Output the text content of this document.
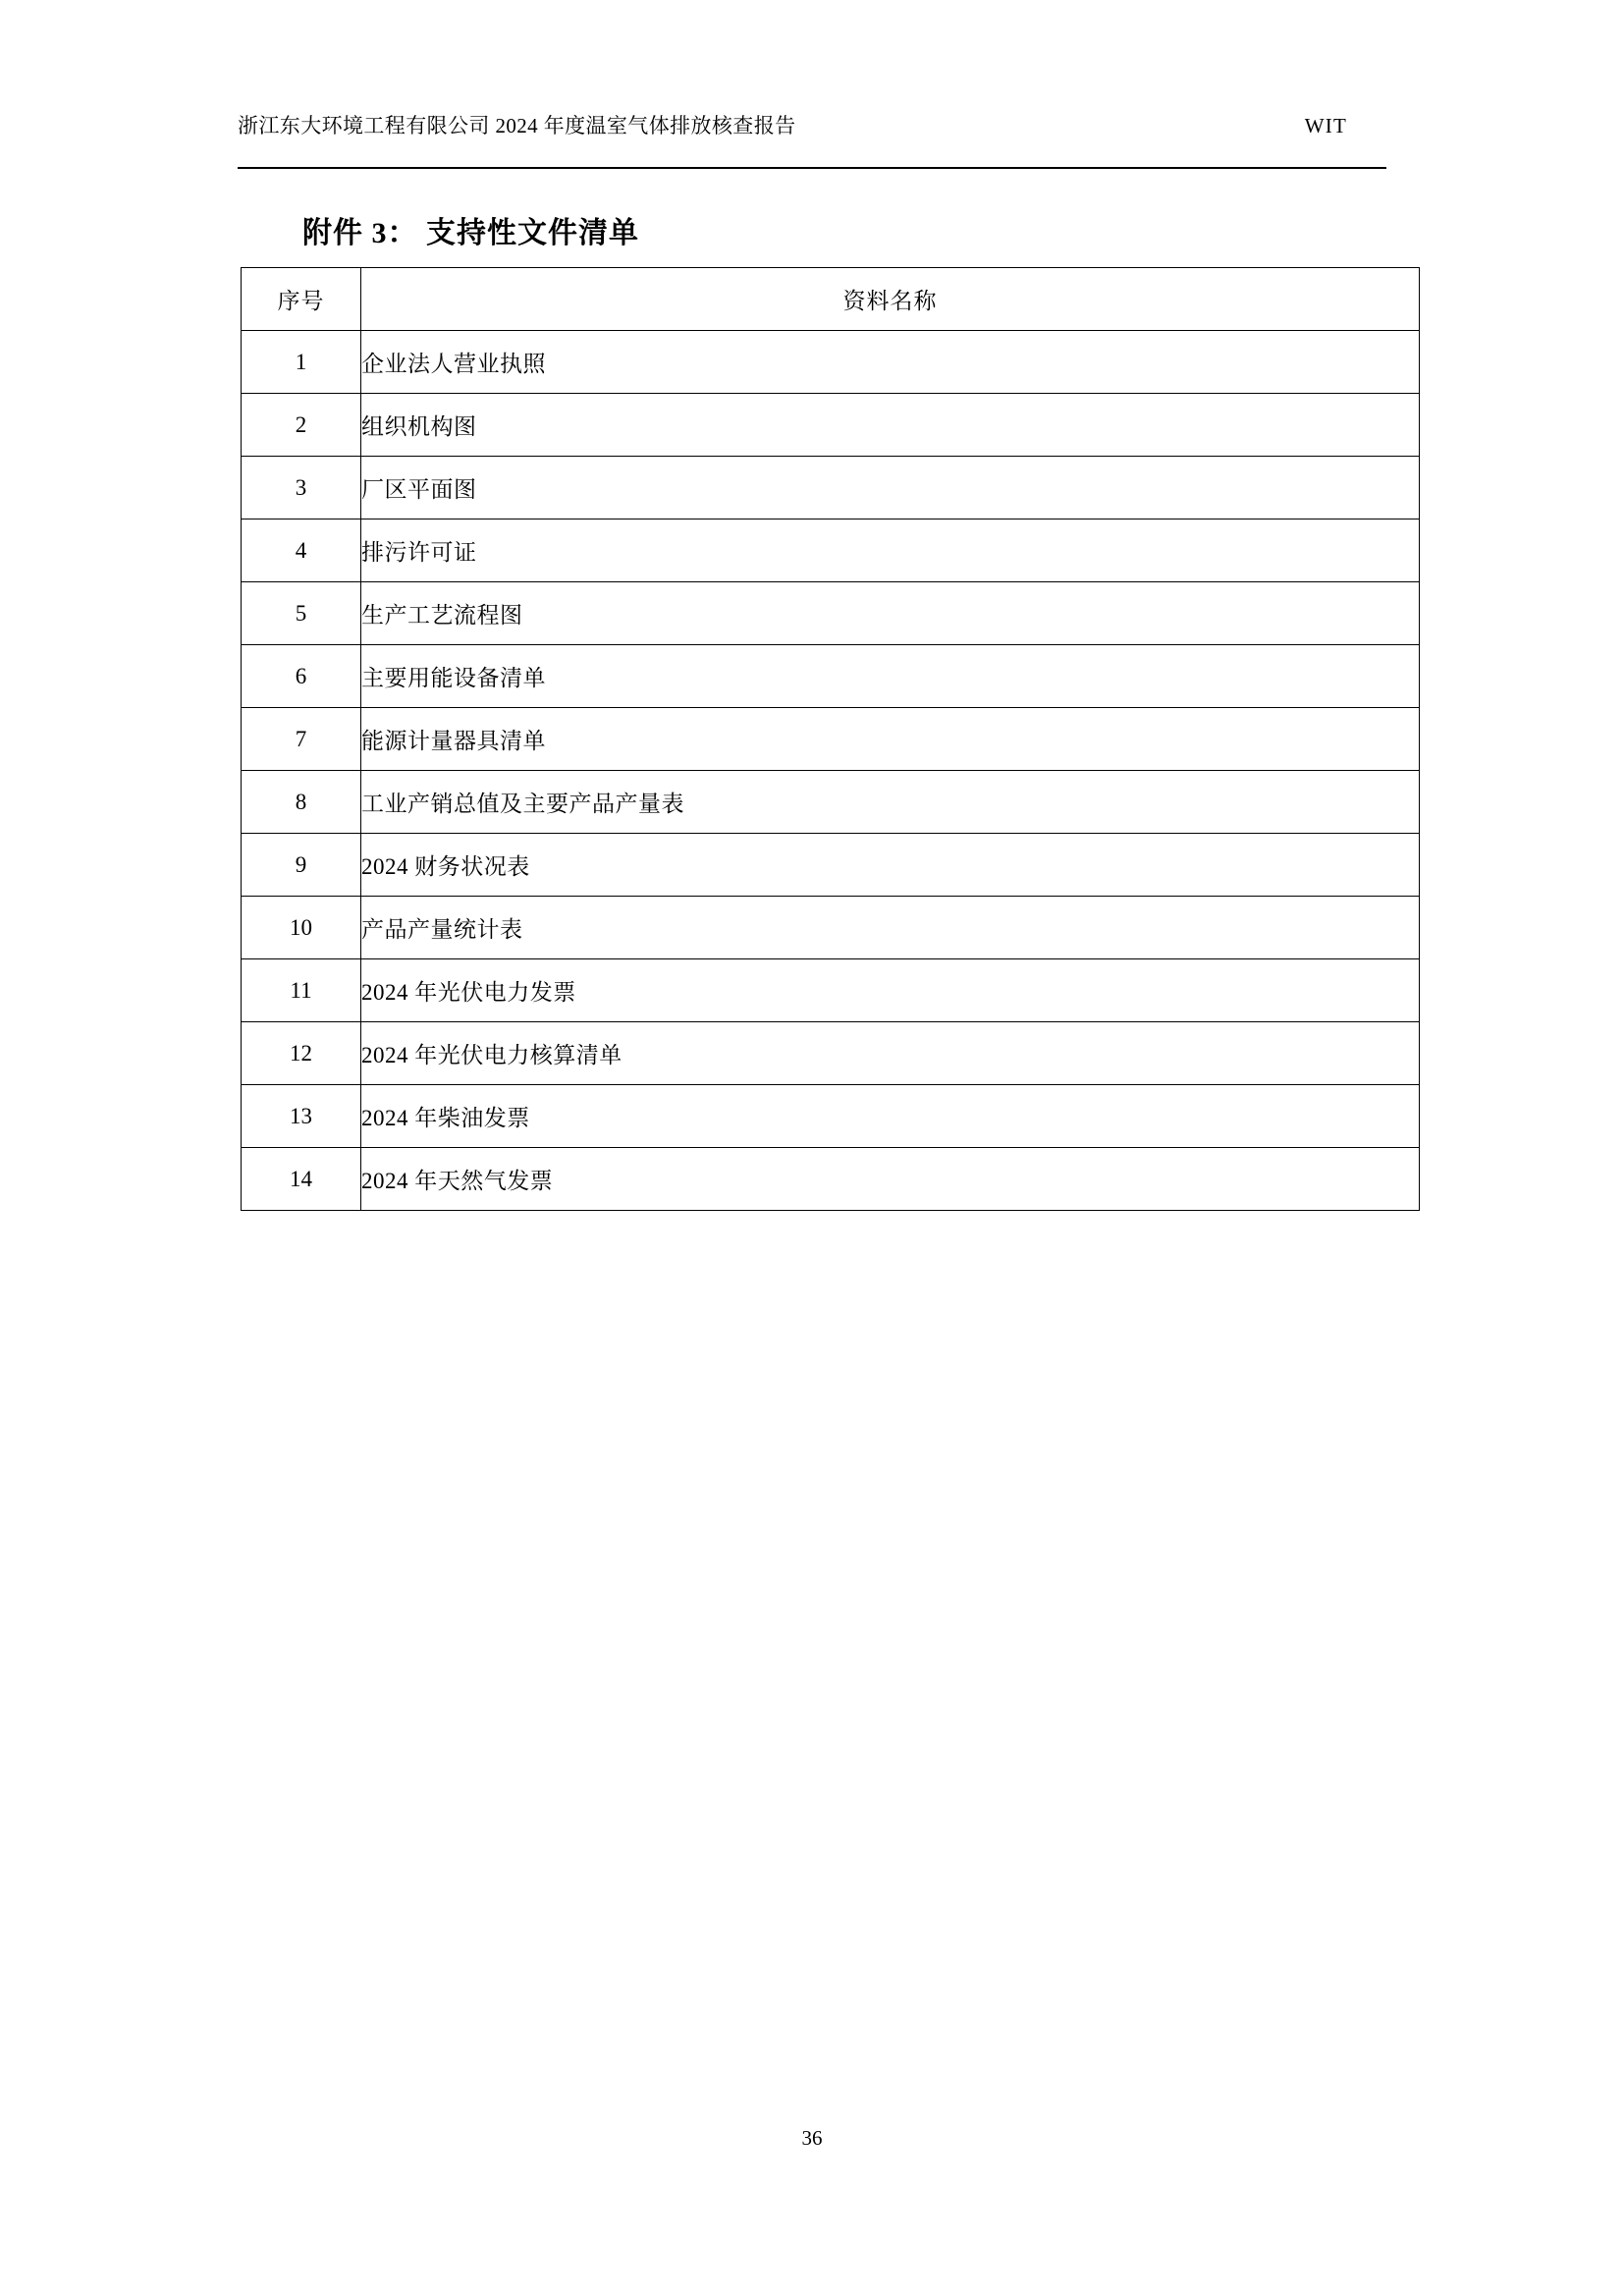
浙江东大环境工程有限公司 2024 年度温室气体排放核查报告	WIT
附件 3： 支持性文件清单
序号	资料名称
1	企业法人营业执照
2	组织机构图
3	厂区平面图
4	排污许可证
5	生产工艺流程图
6	主要用能设备清单
7	能源计量器具清单
8	工业产销总值及主要产品产量表
9	2024 财务状况表
10	产品产量统计表
11	2024 年光伏电力发票
12	2024 年光伏电力核算清单
13	2024 年柴油发票
14	2024 年天然气发票
36
